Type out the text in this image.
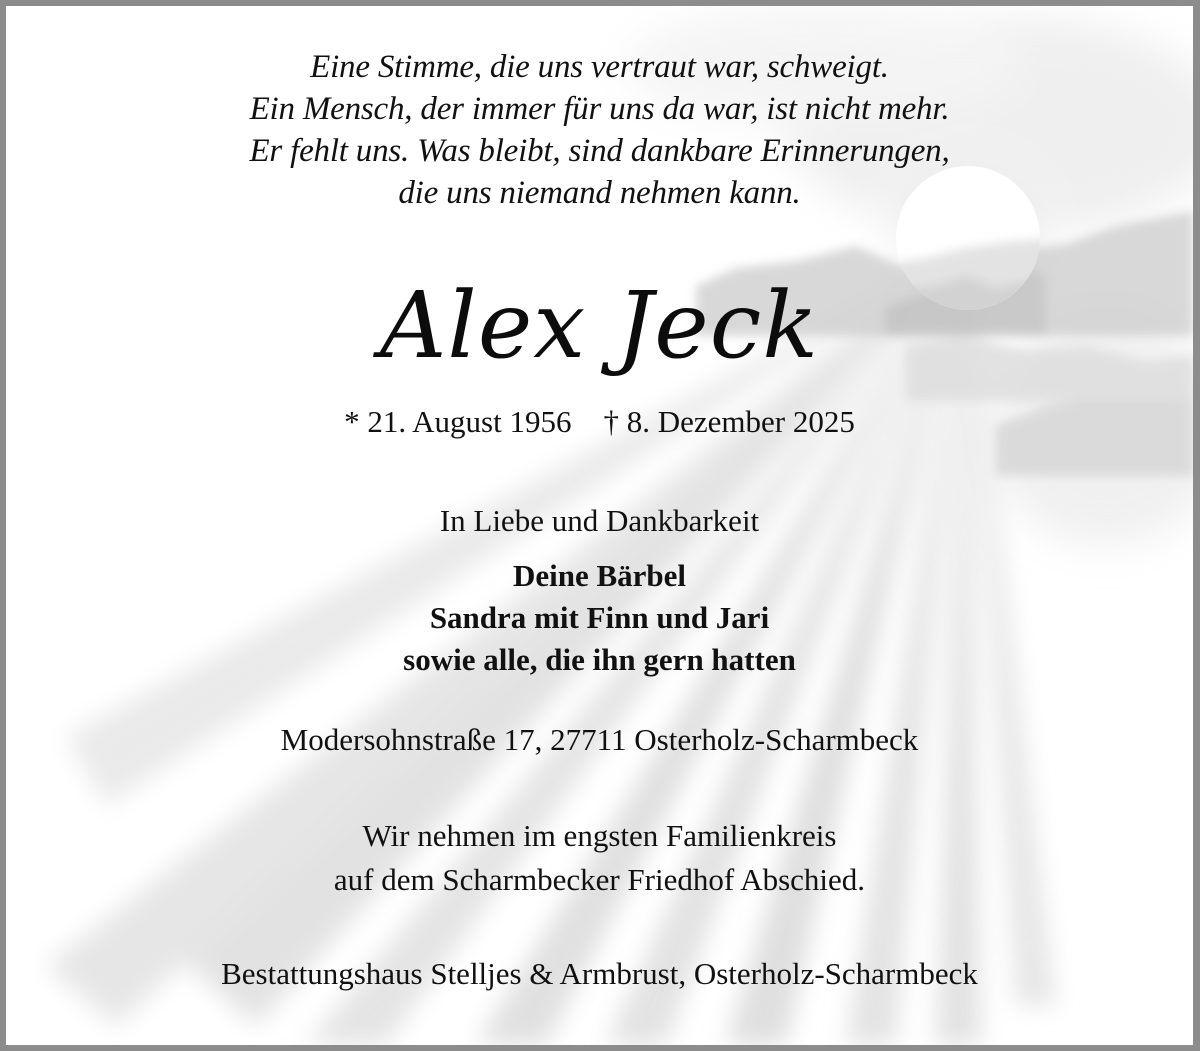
Eine Stimme, die uns vertraut war, schweigt.

Ein Mensch, der immer für uns da war, ist nicht mehr.

Er fehlt uns. Was bleibt, sind dankbare Erinnerungen,

die uns niemand nehmen kann.

Alex Jeck

* 21. August 1956 † 8. Dezember 2025

In Liebe und Dankbarkeit

Deine Bärbel

Sandra mit Finn und Jari

sowie alle, die ihn gern hatten

Modersohnstraße 17, 27711 Osterholz-Scharmbeck

Wir nehmen im engsten Familienkreis

auf dem Scharmbecker Friedhof Abschied.

Bestattungshaus Stelljes & Armbrust, Osterholz-Scharmbeck
